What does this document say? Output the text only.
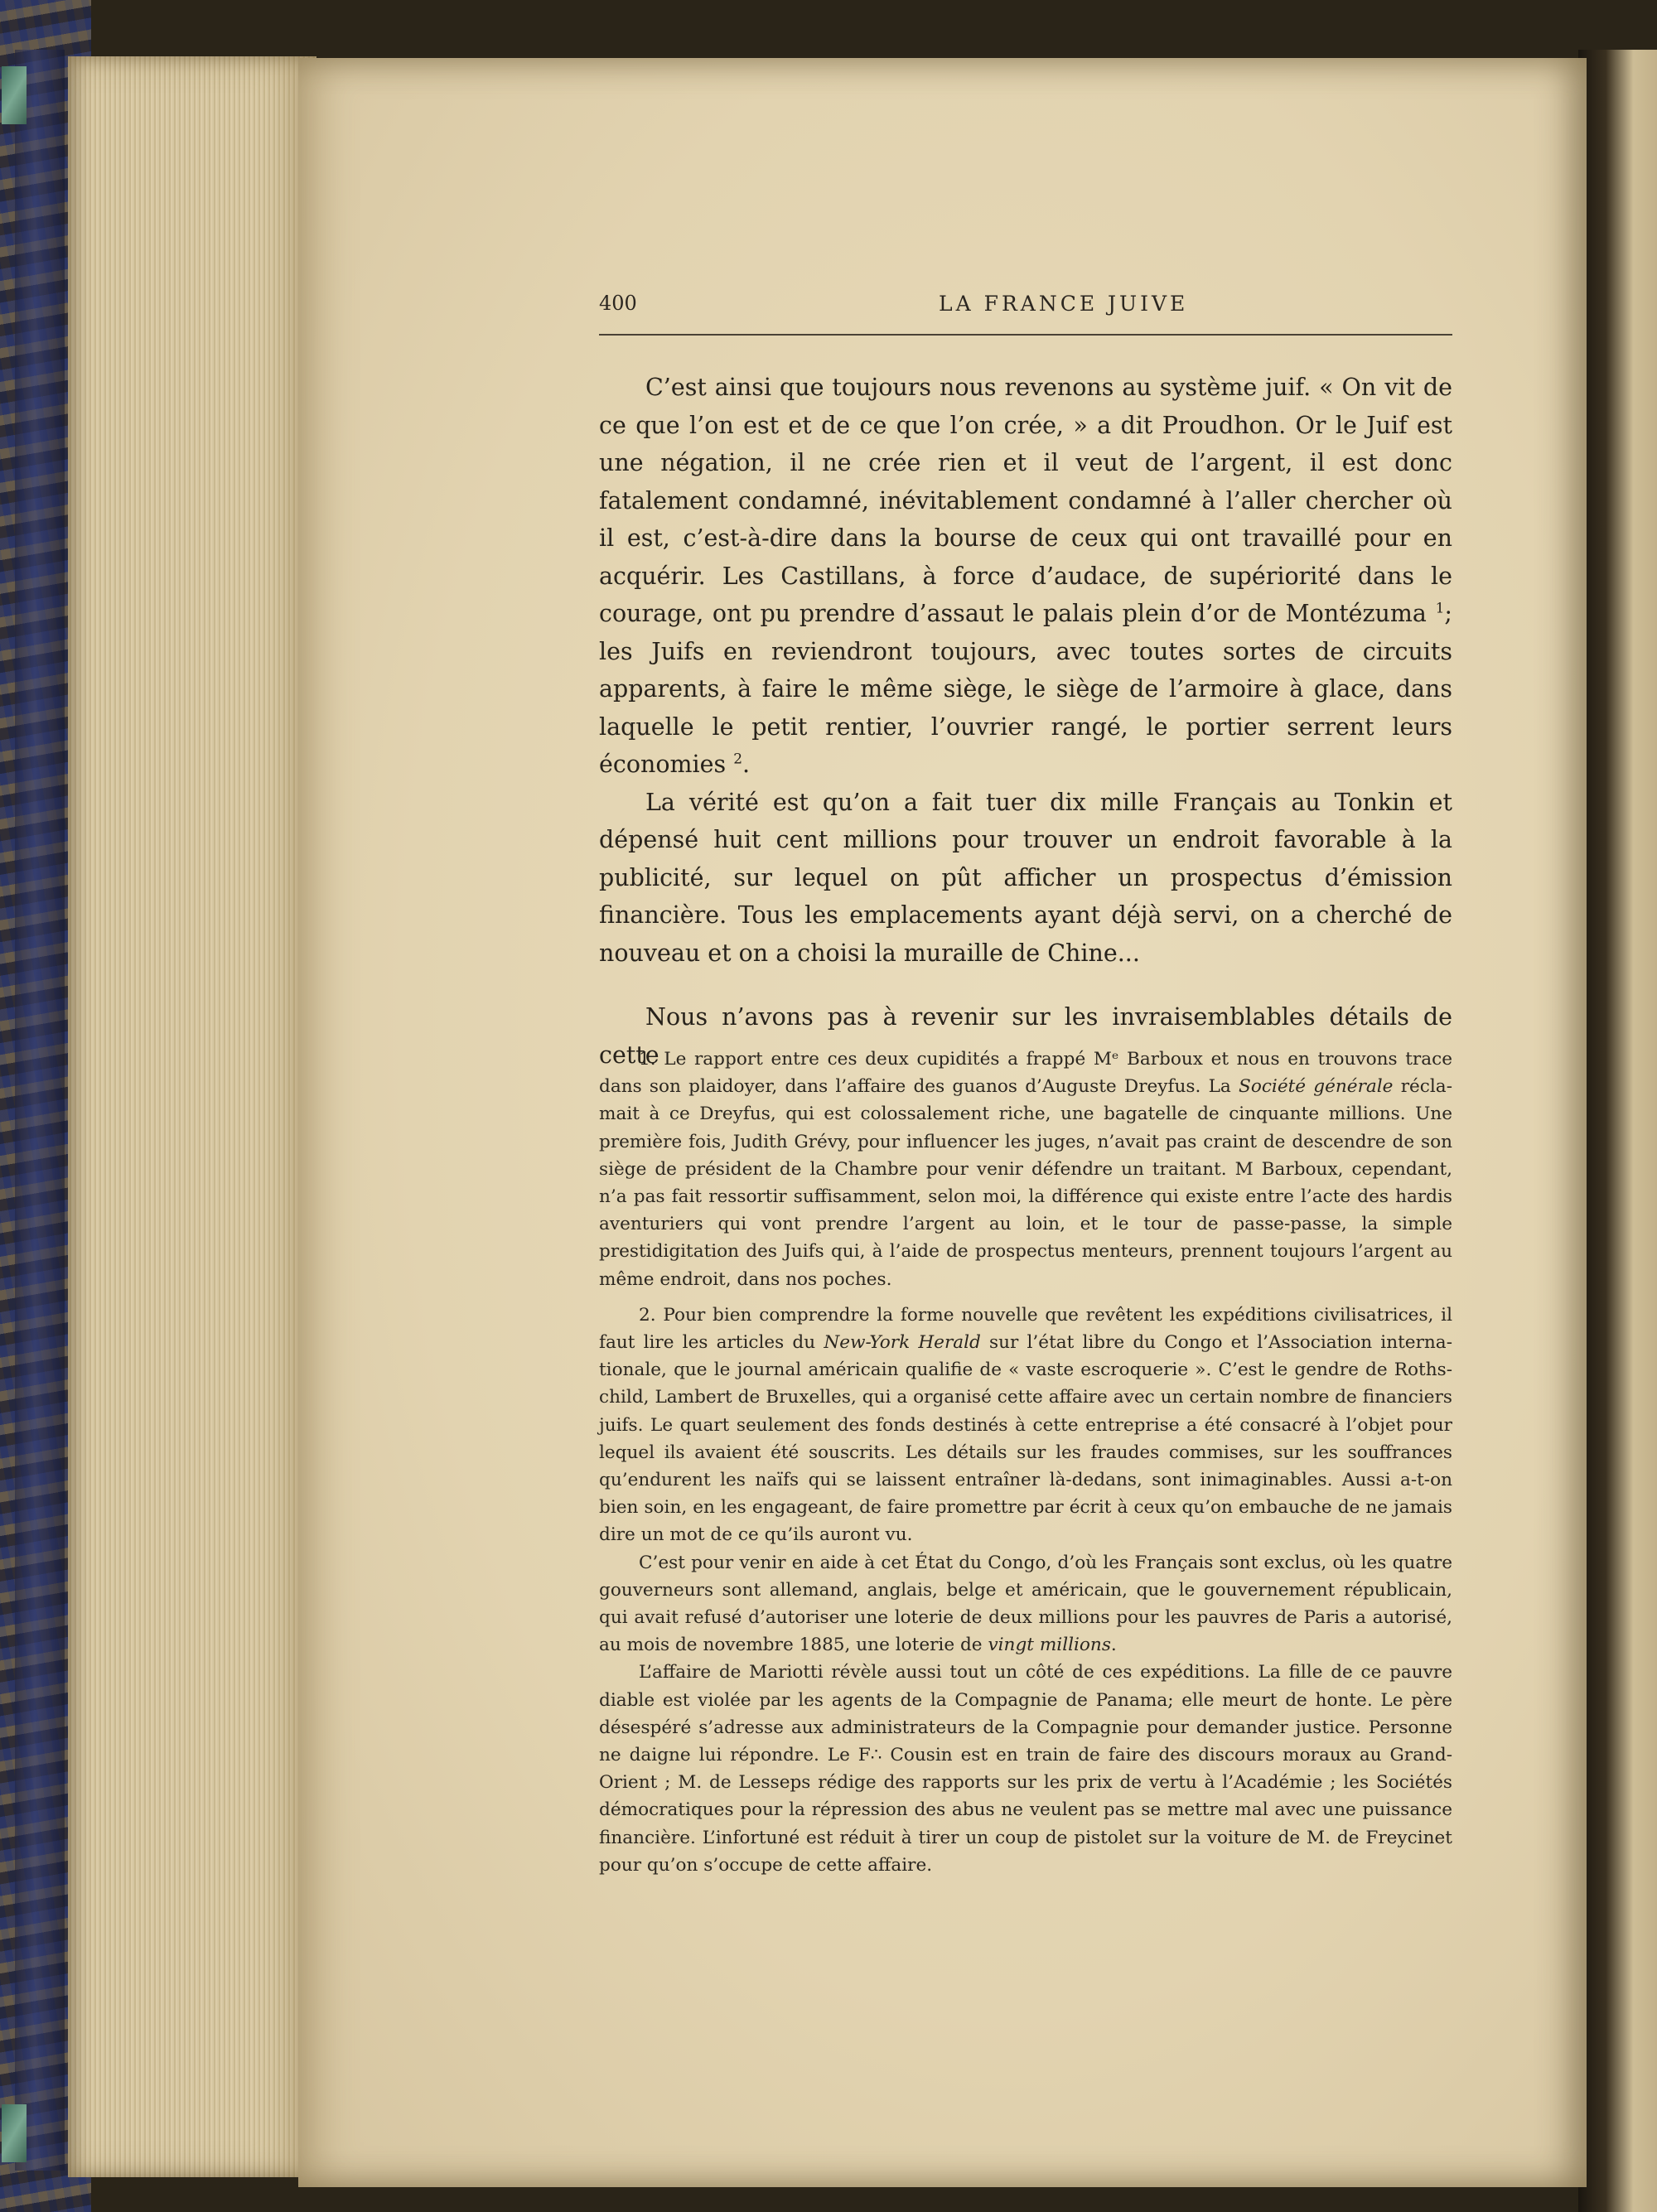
400	LA FRANCE JUIVE

C’est ainsi que toujours nous revenons au système juif. « On vit de ce que l’on est et de ce que l’on crée, » a dit Proudhon. Or le Juif est une négation, il ne crée rien et il veut de l’argent, il est donc fatalement condamné, inévitablement condamné à l’aller chercher où il est, c’est-à-dire dans la bourse de ceux qui ont travaillé pour en acquérir. Les Castillans, à force d’audace, de supériorité dans le courage, ont pu prendre d’assaut le palais plein d’or de Montézuma $^1$; les Juifs en reviendront toujours, avec toutes sortes de circuits apparents, à faire le même siège, le siège de l’armoire à glace, dans laquelle le petit rentier, l’ouvrier rangé, le portier serrent leurs économies $^2$.

La vérité est qu’on a fait tuer dix mille Français au Tonkin et dépensé huit cent millions pour trouver un endroit favorable à la publicité, sur lequel on pût afficher un prospectus d’émission financière. Tous les emplacements ayant déjà servi, on a cherché de nouveau et on a choisi la muraille de Chine...

Nous n’avons pas à revenir sur les invraisemblables détails de cette

1. Le rapport entre ces deux cupidités a frappé Mᵉ Barboux et nous en trouvons trace dans son plaidoyer, dans l’affaire des guanos d’Auguste Dreyfus. La Société générale réclamait à ce Dreyfus, qui est colossalement riche, une bagatelle de cinquante millions. Une première fois, Judith Grévy, pour influencer les juges, n’avait pas craint de descendre de son siège de président de la Chambre pour venir défendre un traitant. M Barboux, cependant, n’a pas fait ressortir suffisamment, selon moi, la différence qui existe entre l’acte des hardis aventuriers qui vont prendre l’argent au loin, et le tour de passe-passe, la simple prestidigitation des Juifs qui, à l’aide de prospectus menteurs, prennent toujours l’argent au même endroit, dans nos poches.

2. Pour bien comprendre la forme nouvelle que revêtent les expéditions civilisatrices, il faut lire les articles du New-York Herald sur l’état libre du Congo et l’Association internationale, que le journal américain qualifie de « vaste escroquerie ». C’est le gendre de Rothschild, Lambert de Bruxelles, qui a organisé cette affaire avec un certain nombre de financiers juifs. Le quart seulement des fonds destinés à cette entreprise a été consacré à l’objet pour lequel ils avaient été souscrits. Les détails sur les fraudes commises, sur les souffrances qu’endurent les naïfs qui se laissent entraîner là-dedans, sont inimaginables. Aussi a-t-on bien soin, en les engageant, de faire promettre par écrit à ceux qu’on embauche de ne jamais dire un mot de ce qu’ils auront vu.

C’est pour venir en aide à cet État du Congo, d’où les Français sont exclus, où les quatre gouverneurs sont allemand, anglais, belge et américain, que le gouvernement républicain, qui avait refusé d’autoriser une loterie de deux millions pour les pauvres de Paris a autorisé, au mois de novembre 1885, une loterie de vingt millions.

L’affaire de Mariotti révèle aussi tout un côté de ces expéditions. La fille de ce pauvre diable est violée par les agents de la Compagnie de Panama; elle meurt de honte. Le père désespéré s’adresse aux administrateurs de la Compagnie pour demander justice. Personne ne daigne lui répondre. Le F∴ Cousin est en train de faire des discours moraux au Grand-Orient ; M. de Lesseps rédige des rapports sur les prix de vertu à l’Académie ; les Sociétés démocratiques pour la répression des abus ne veulent pas se mettre mal avec une puissance financière. L’infortuné est réduit à tirer un coup de pistolet sur la voiture de M. de Freycinet pour qu’on s’occupe de cette affaire.
